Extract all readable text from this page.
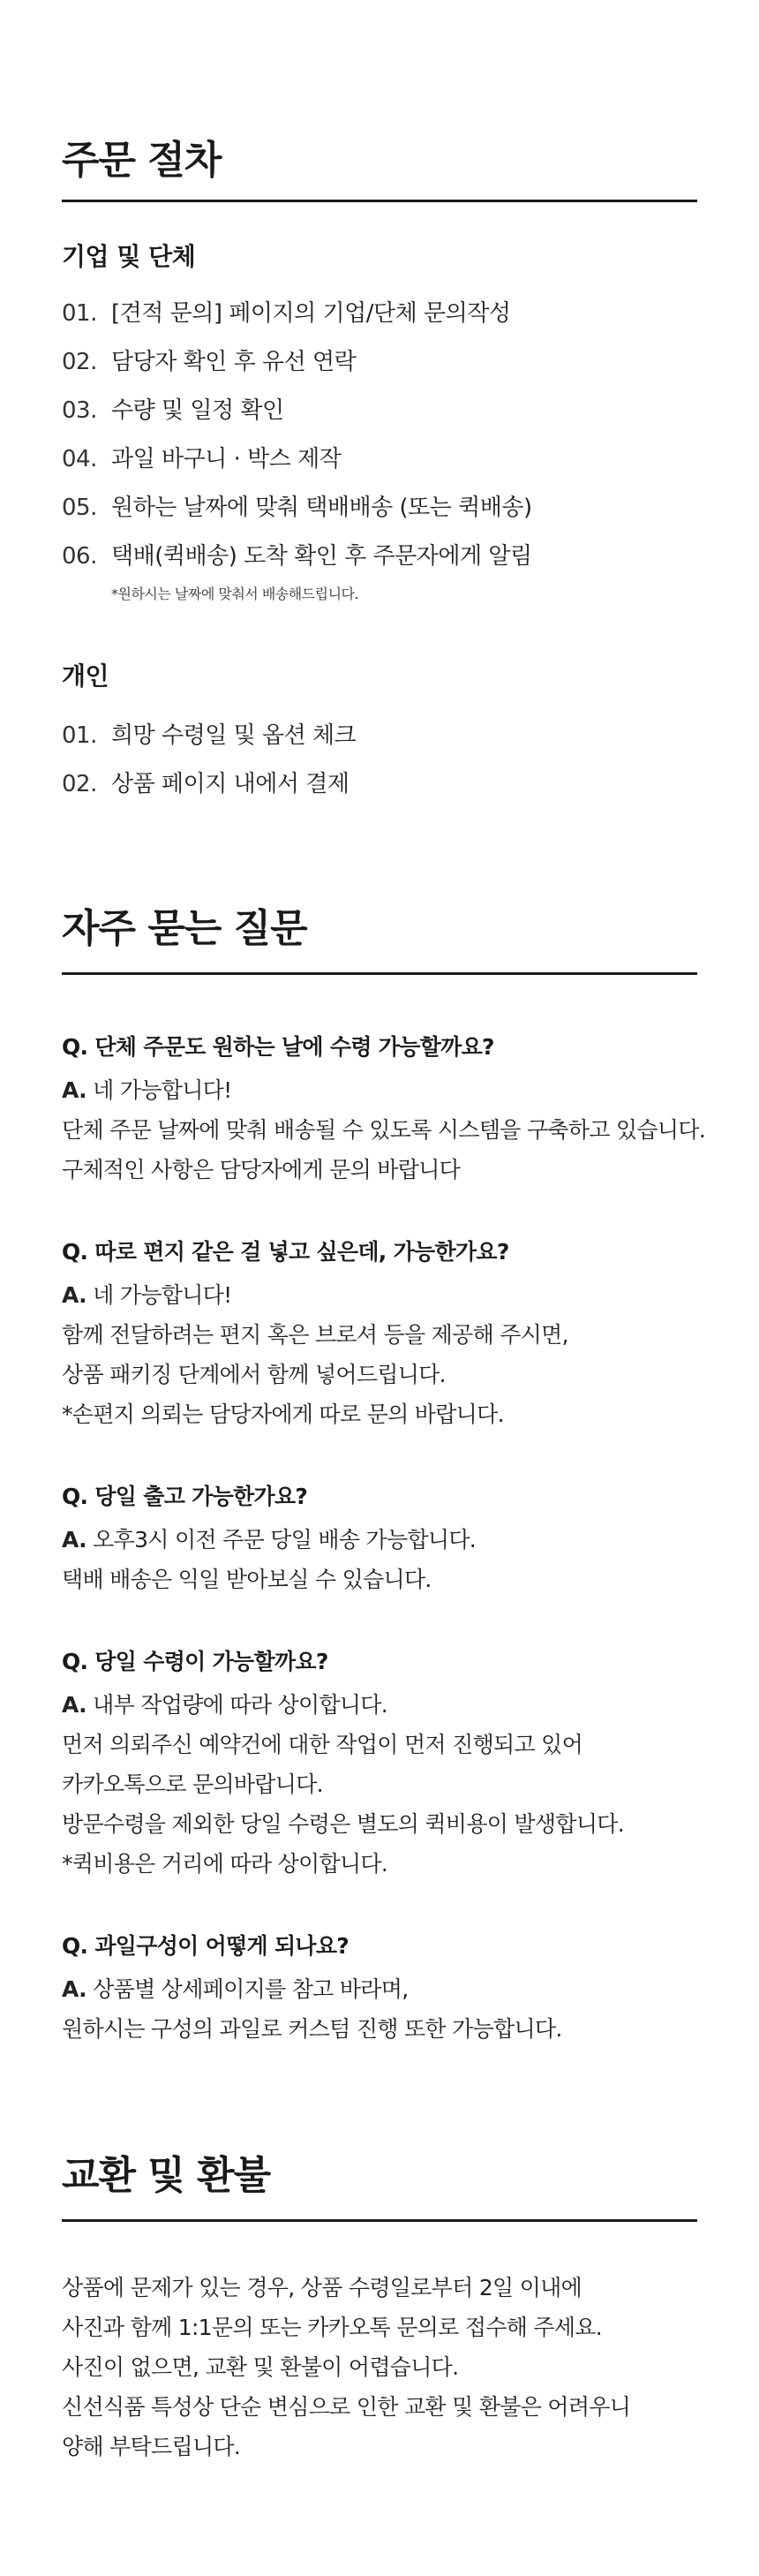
주문 절차
기업 및 단체
01. [견적 문의] 페이지의 기업/단체 문의작성
02. 담당자 확인 후 유선 연락
03. 수량 및 일정 확인
04. 과일 바구니 · 박스 제작
05. 원하는 날짜에 맞춰 택배배송 (또는 퀵배송)
06. 택배(퀵배송) 도착 확인 후 주문자에게 알림
*원하시는 날짜에 맞춰서 배송해드립니다.
개인
01. 희망 수령일 및 옵션 체크
02. 상품 페이지 내에서 결제
자주 묻는 질문
Q. 단체 주문도 원하는 날에 수령 가능할까요?
A. 네 가능합니다!
단체 주문 날짜에 맞춰 배송될 수 있도록 시스템을 구축하고 있습니다.
구체적인 사항은 담당자에게 문의 바랍니다
Q. 따로 편지 같은 걸 넣고 싶은데, 가능한가요?
A. 네 가능합니다!
함께 전달하려는 편지 혹은 브로셔 등을 제공해 주시면,
상품 패키징 단계에서 함께 넣어드립니다.
*손편지 의뢰는 담당자에게 따로 문의 바랍니다.
Q. 당일 출고 가능한가요?
A. 오후3시 이전 주문 당일 배송 가능합니다.
택배 배송은 익일 받아보실 수 있습니다.
Q. 당일 수령이 가능할까요?
A. 내부 작업량에 따라 상이합니다.
먼저 의뢰주신 예약건에 대한 작업이 먼저 진행되고 있어
카카오톡으로 문의바랍니다.
방문수령을 제외한 당일 수령은 별도의 퀵비용이 발생합니다.
*퀵비용은 거리에 따라 상이합니다.
Q. 과일구성이 어떻게 되나요?
A. 상품별 상세페이지를 참고 바라며,
원하시는 구성의 과일로 커스텀 진행 또한 가능합니다.
교환 및 환불
상품에 문제가 있는 경우, 상품 수령일로부터 2일 이내에
사진과 함께 1:1문의 또는 카카오톡 문의로 접수해 주세요.
사진이 없으면, 교환 및 환불이 어렵습니다.
신선식품 특성상 단순 변심으로 인한 교환 및 환불은 어려우니
양해 부탁드립니다.
